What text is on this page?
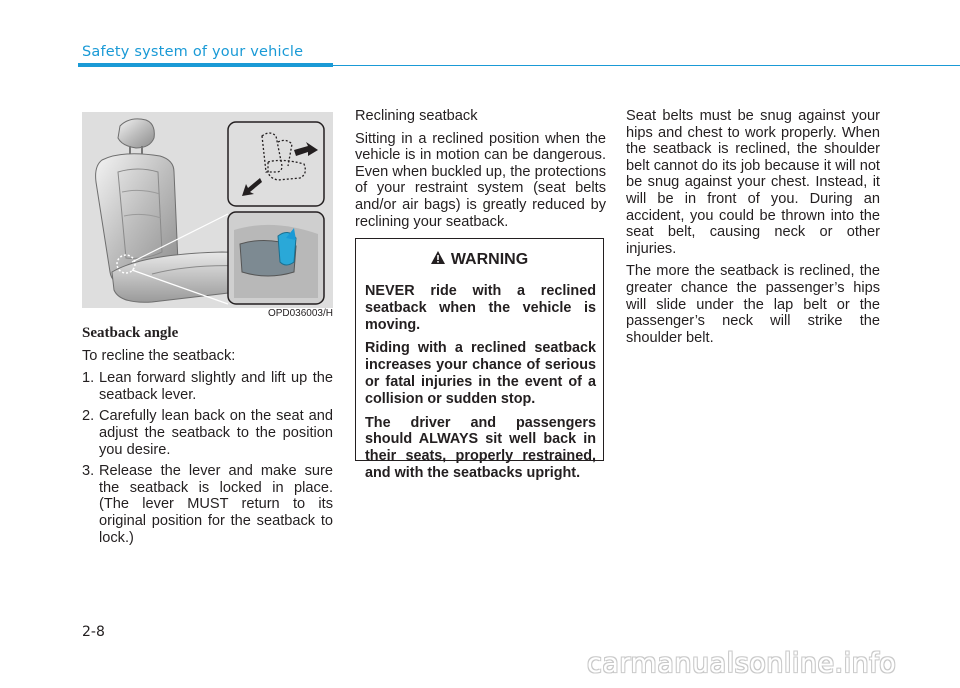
Safety system of your vehicle
OPD036003/H

Seatback angle

To recline the seatback:

1. Lean forward slightly and lift up the seatback lever.
2. Carefully lean back on the seat and adjust the seatback to the position you desire.
3. Release the lever and make sure the seatback is locked in place. (The lever MUST return to its original position for the seatback to lock.)

Reclining seatback

Sitting in a reclined position when the vehicle is in motion can be dangerous. Even when buckled up, the protections of your restraint system (seat belts and/or air bags) is greatly reduced by reclining your seatback.

WARNING

NEVER ride with a reclined seatback when the vehicle is moving.

Riding with a reclined seatback increases your chance of serious or fatal injuries in the event of a collision or sudden stop.

The driver and passengers should ALWAYS sit well back in their seats, properly restrained, and with the seatbacks upright.

Seat belts must be snug against your hips and chest to work properly. When the seatback is reclined, the shoulder belt cannot do its job because it will not be snug against your chest. Instead, it will be in front of you. During an accident, you could be thrown into the seat belt, causing neck or other injuries.

The more the seatback is reclined, the greater chance the passenger’s hips will slide under the lap belt or the passenger’s neck will strike the shoulder belt.

2-8
carmanualsonline.info
